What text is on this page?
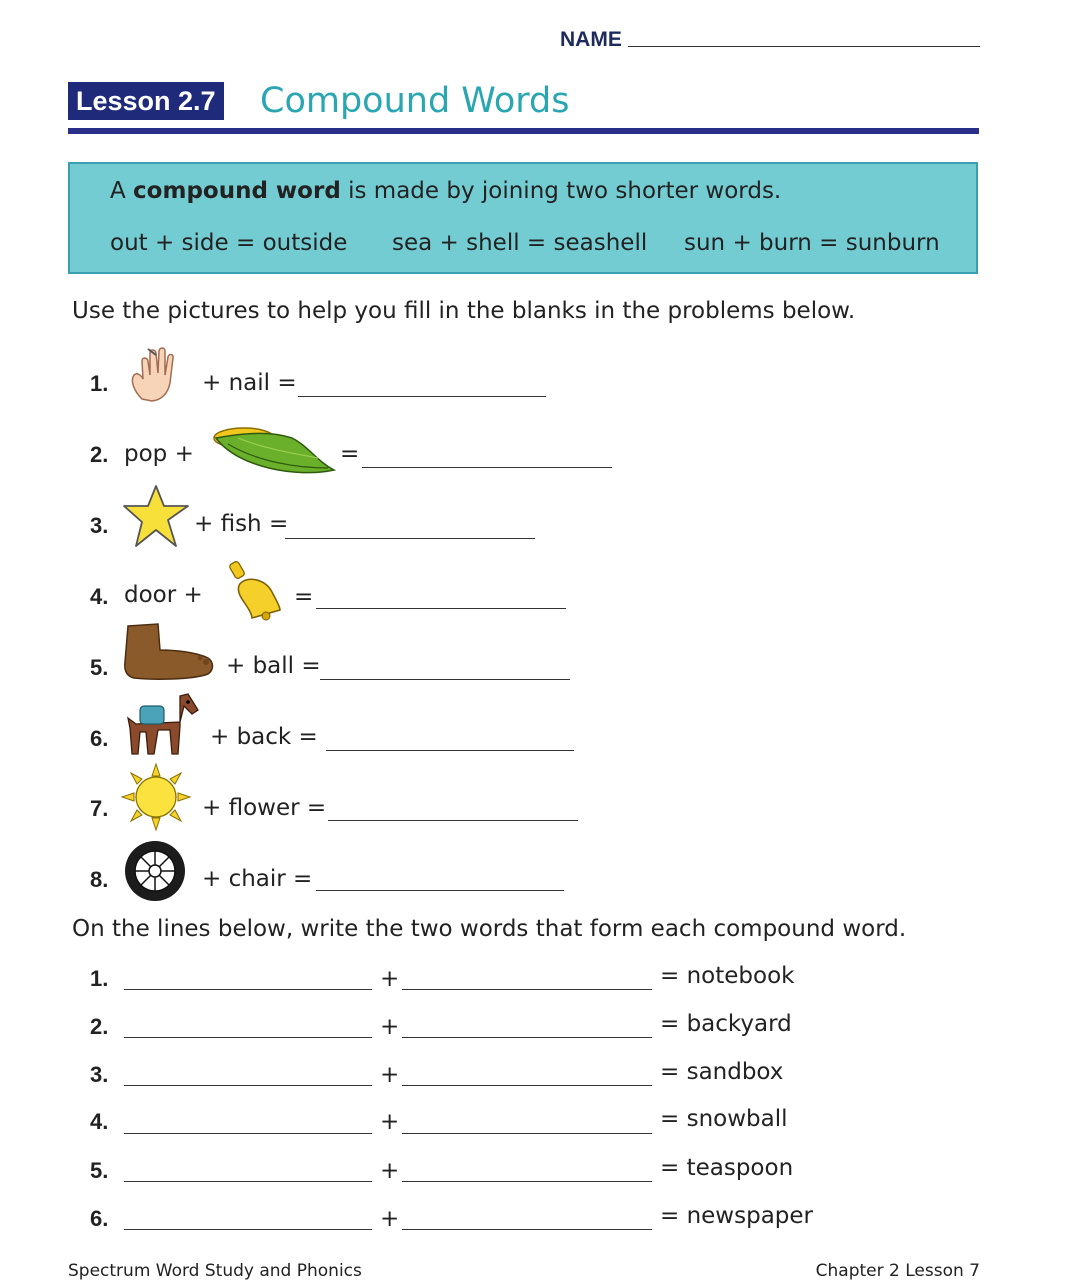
NAME
Lesson 2.7 Compound Words
A compound word is made by joining two shorter words.
out + side = outside sea + shell = seashell sun + burn = sunburn
Use the pictures to help you fill in the blanks in the problems below.
1.	+ nail =
2. pop +	=
3.	+ fish =
4. door +	=
5.	+ ball =
6.	+ back =
7.	+ flower =
8.	+ chair =
On the lines below, write the two words that form each compound word.
1.	+	= notebook
2.	+	= backyard
3.	+	= sandbox
4.	+	= snowball
5.	+	= teaspoon
6.	+	= newspaper
Spectrum Word Study and Phonics	Chapter 2 Lesson 7
